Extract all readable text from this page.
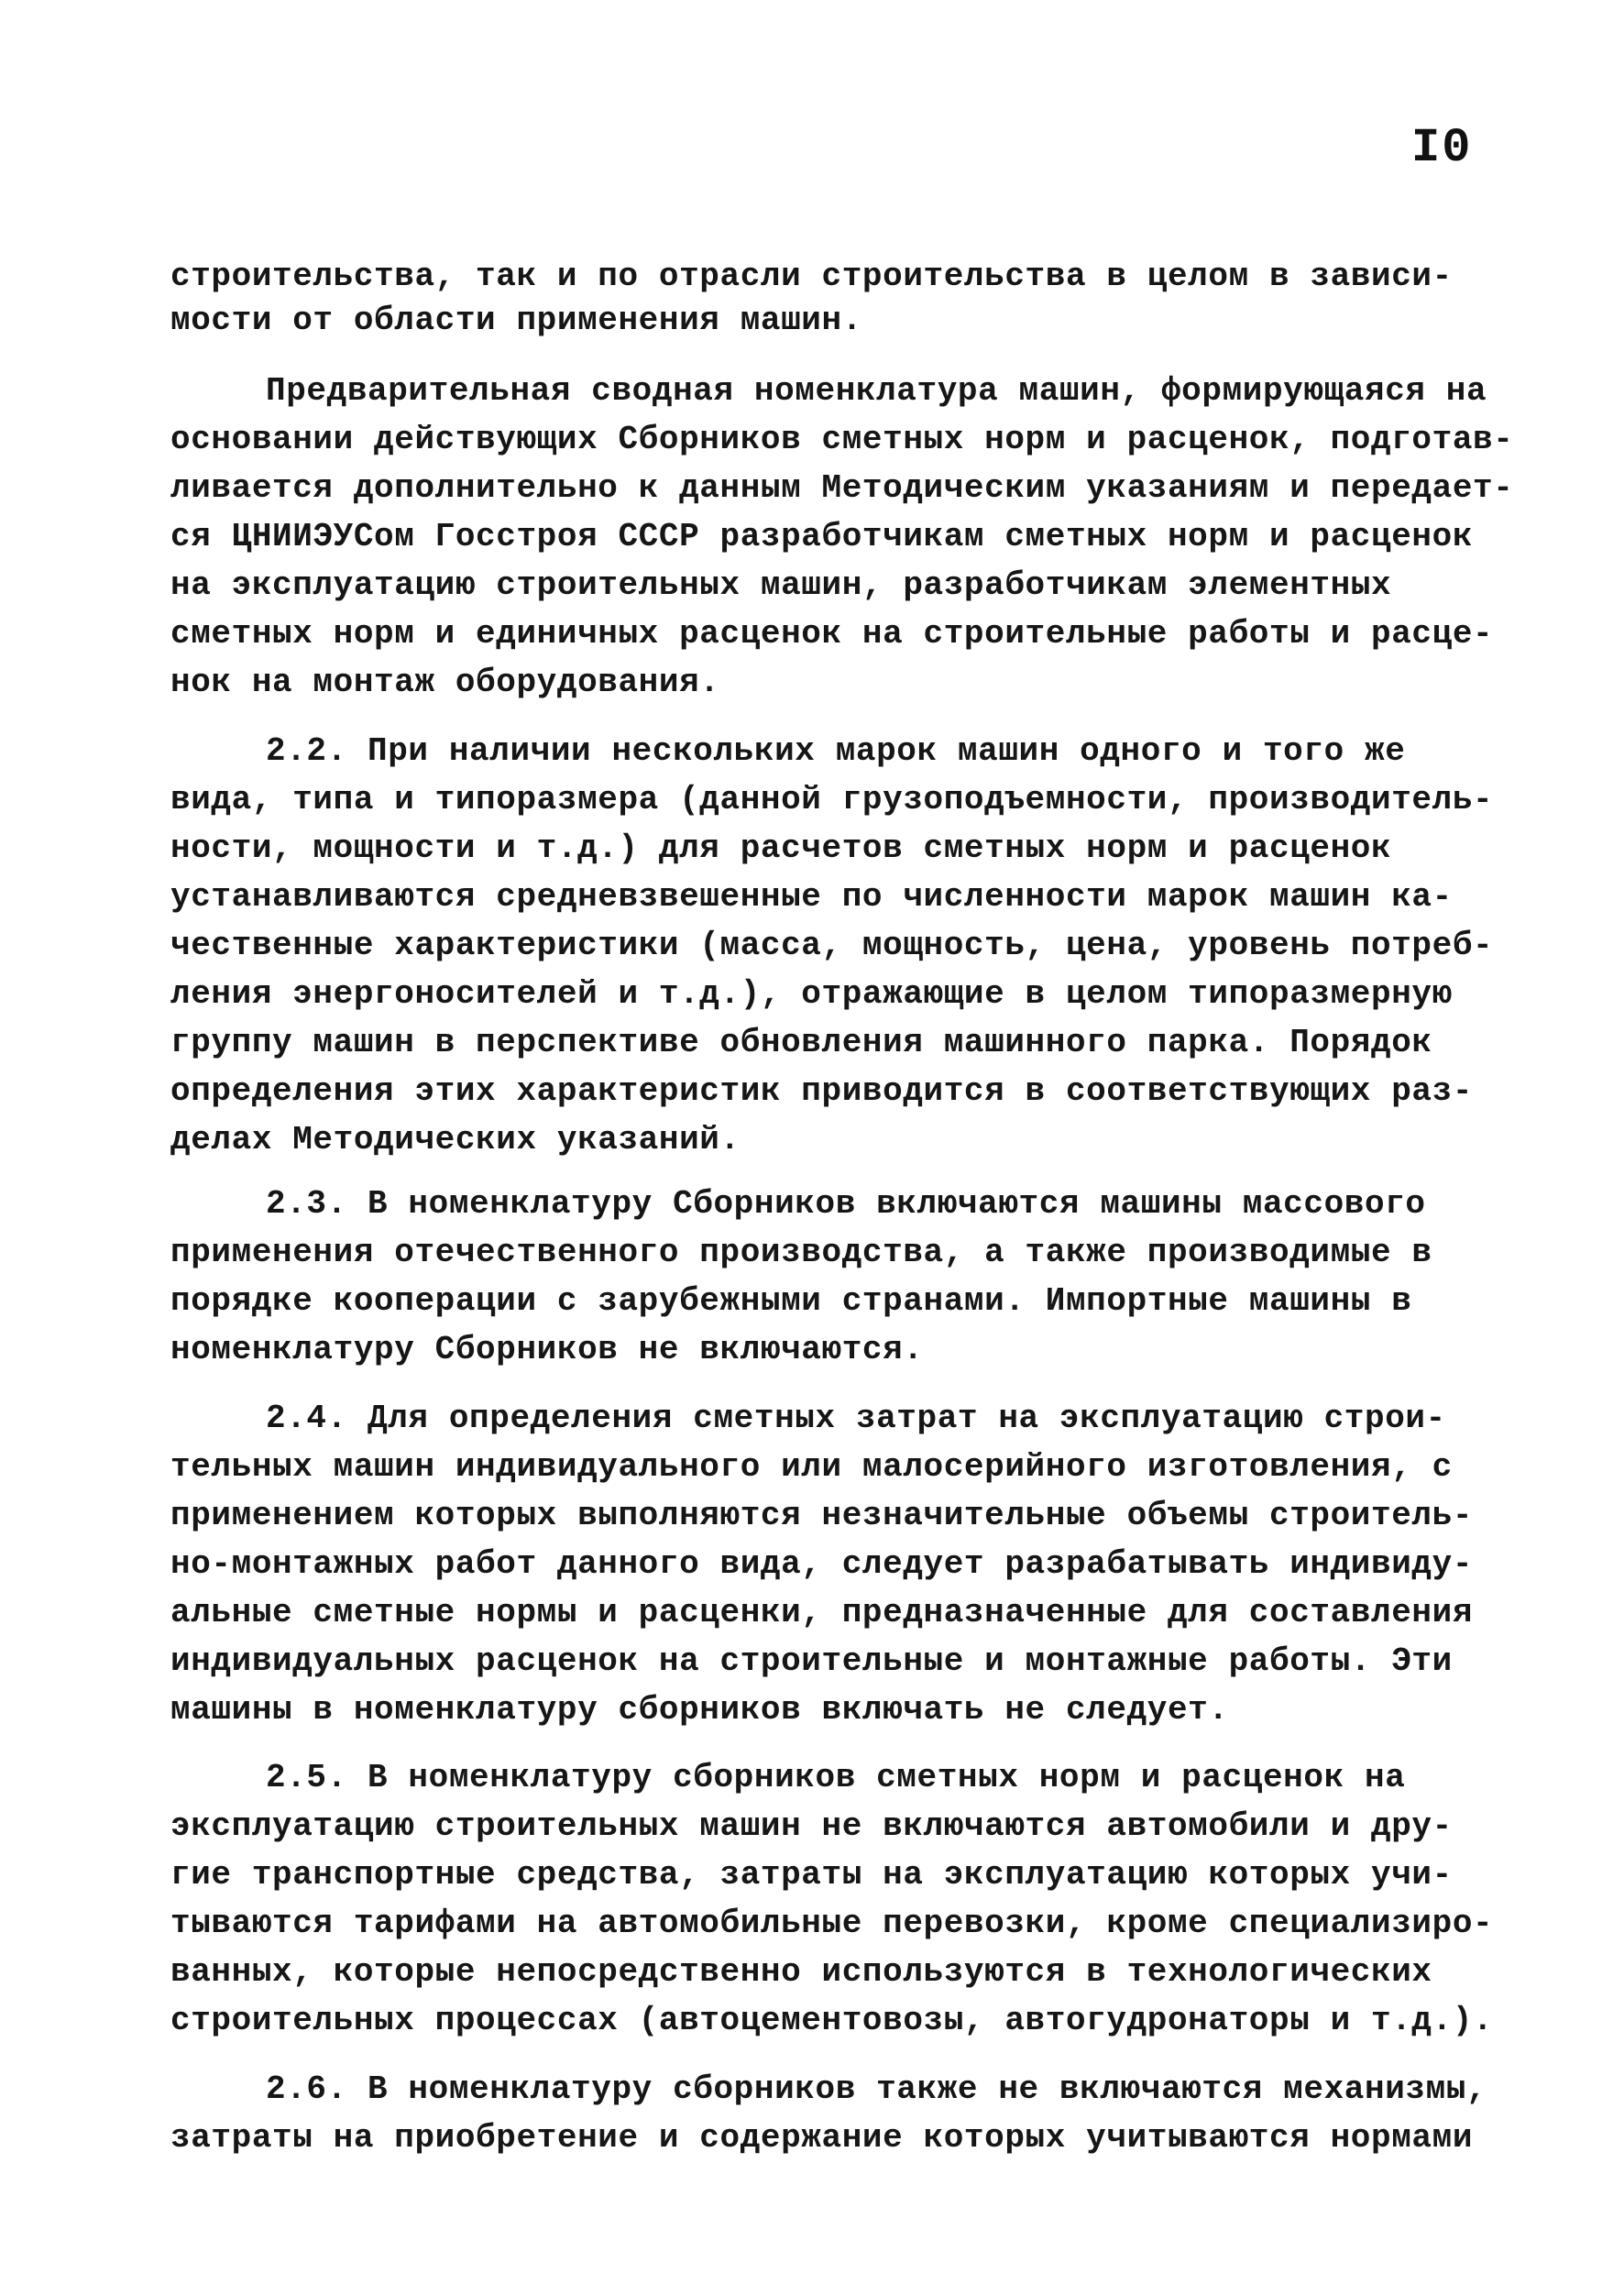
I0
строительства, так и по отрасли строительства в целом в зависи-
мости от области применения машин.
Предварительная сводная номенклатура машин, формирующаяся на
основании действующих Сборников сметных норм и расценок, подготав-
ливается дополнительно к данным Методическим указаниям и передает-
ся ЦНИИЭУСом Госстроя СССР разработчикам сметных норм и расценок
на эксплуатацию строительных машин, разработчикам элементных
сметных норм и единичных расценок на строительные работы и расце-
нок на монтаж оборудования.
2.2. При наличии нескольких марок машин одного и того же
вида, типа и типоразмера (данной грузоподъемности, производитель-
ности, мощности и т.д.) для расчетов сметных норм и расценок
устанавливаются средневзвешенные по численности марок машин ка-
чественные характеристики (масса, мощность, цена, уровень потреб-
ления энергоносителей и т.д.), отражающие в целом типоразмерную
группу машин в перспективе обновления машинного парка. Порядок
определения этих характеристик приводится в соответствующих раз-
делах Методических указаний.
2.3. В номенклатуру Сборников включаются машины массового
применения отечественного производства, а также производимые в
порядке кооперации с зарубежными странами. Импортные машины в
номенклатуру Сборников не включаются.
2.4. Для определения сметных затрат на эксплуатацию строи-
тельных машин индивидуального или малосерийного изготовления, с
применением которых выполняются незначительные объемы строитель-
но-монтажных работ данного вида, следует разрабатывать индивиду-
альные сметные нормы и расценки, предназначенные для составления
индивидуальных расценок на строительные и монтажные работы. Эти
машины в номенклатуру сборников включать не следует.
2.5. В номенклатуру сборников сметных норм и расценок на
эксплуатацию строительных машин не включаются автомобили и дру-
гие транспортные средства, затраты на эксплуатацию которых учи-
тываются тарифами на автомобильные перевозки, кроме специализиро-
ванных, которые непосредственно используются в технологических
строительных процессах (автоцементовозы, автогудронаторы и т.д.).
2.6. В номенклатуру сборников также не включаются механизмы,
затраты на приобретение и содержание которых учитываются нормами
